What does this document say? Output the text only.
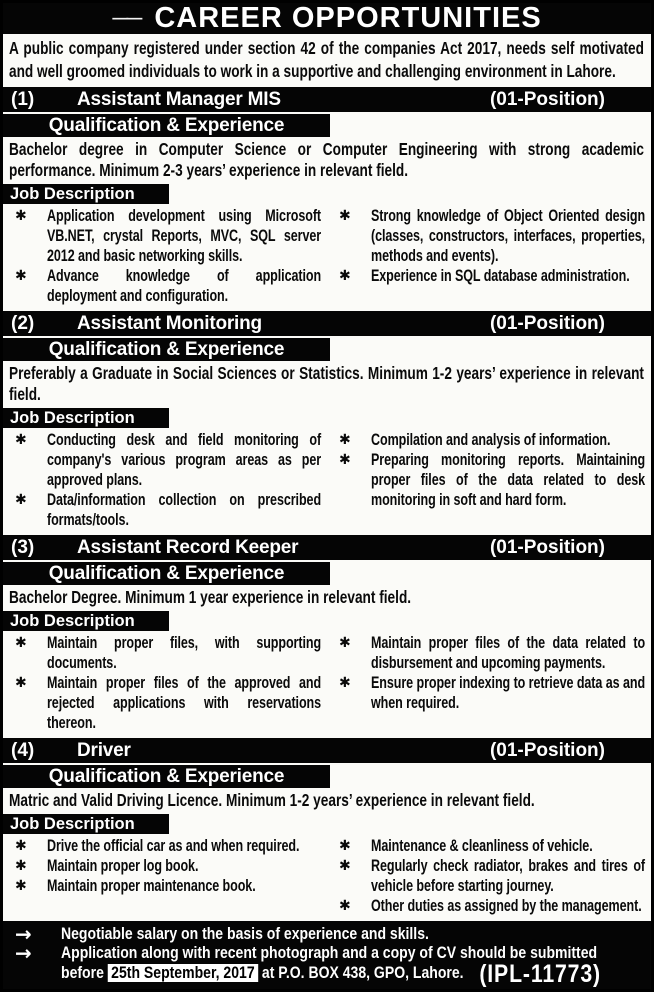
—— CAREER OPPORTUNITIES
A public company registered under section 42 of the companies Act 2017, needs self motivated and well groomed individuals to work in a supportive and challenging environment in Lahore.
(1)	Assistant Manager MIS	(01-Position)
Qualification & Experience
Bachelor degree in Computer Science or Computer Engineering with strong academic performance. Minimum 2-3 years’ experience in relevant field.
Job Description
✱	Application development using Microsoft VB.NET, crystal Reports, MVC, SQL server 2012 and basic networking skills.
✱	Advance knowledge of application deployment and configuration.
✱	Strong knowledge of Object Oriented design (classes, constructors, interfaces, properties, methods and events).
✱	Experience in SQL database administration.
(2)	Assistant Monitoring	(01-Position)
Qualification & Experience
Preferably a Graduate in Social Sciences or Statistics. Minimum 1-2 years’ experience in relevant field.
Job Description
✱	Conducting desk and field monitoring of company's various program areas as per approved plans.
✱	Data/information collection on prescribed formats/tools.
✱	Compilation and analysis of information.
✱	Preparing monitoring reports. Maintaining proper files of the data related to desk monitoring in soft and hard form.
(3)	Assistant Record Keeper	(01-Position)
Qualification & Experience
Bachelor Degree. Minimum 1 year experience in relevant field.
Job Description
✱	Maintain proper files, with supporting documents.
✱	Maintain proper files of the approved and rejected applications with reservations thereon.
✱	Maintain proper files of the data related to disbursement and upcoming payments.
✱	Ensure proper indexing to retrieve data as and when required.
(4)	Driver	(01-Position)
Qualification & Experience
Matric and Valid Driving Licence. Minimum 1-2 years’ experience in relevant field.
Job Description
✱	Drive the official car as and when required.
✱	Maintain proper log book.
✱	Maintain proper maintenance book.
✱	Maintenance & cleanliness of vehicle.
✱	Regularly check radiator, brakes and tires of vehicle before starting journey.
✱	Other duties as assigned by the management.
→	Negotiable salary on the basis of experience and skills.
→	Application along with recent photograph and a copy of CV should be submitted before 25th September, 2017 at P.O. BOX 438, GPO, Lahore. (IPL-11773)
